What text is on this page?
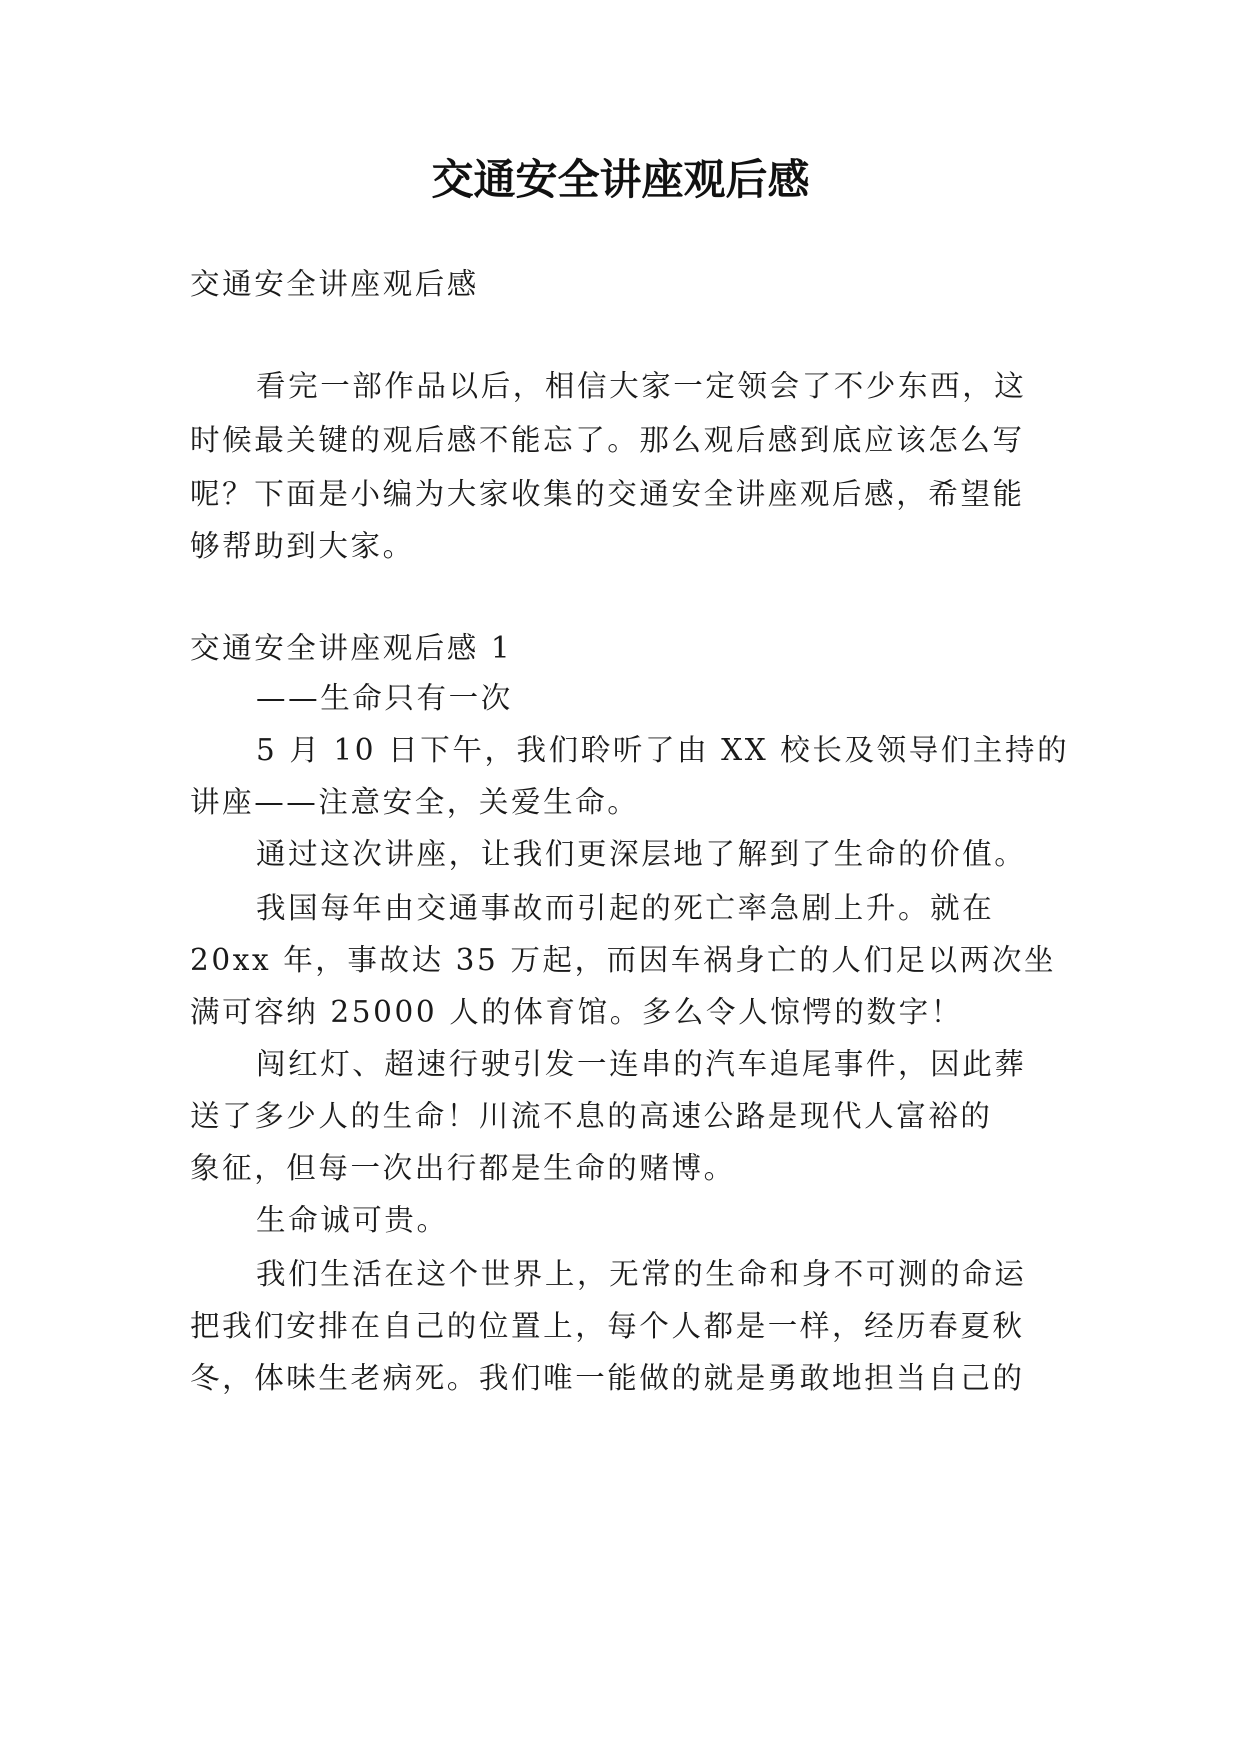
交通安全讲座观后感

交通安全讲座观后感

看完一部作品以后，相信大家一定领会了不少东西，这

时候最关键的观后感不能忘了。那么观后感到底应该怎么写

呢？下面是小编为大家收集的交通安全讲座观后感，希望能

够帮助到大家。

交通安全讲座观后感 1

——生命只有一次

5 月 10 日下午，我们聆听了由 XX 校长及领导们主持的

讲座——注意安全，关爱生命。

通过这次讲座，让我们更深层地了解到了生命的价值。

我国每年由交通事故而引起的死亡率急剧上升。就在

20xx 年，事故达 35 万起，而因车祸身亡的人们足以两次坐

满可容纳 25000 人的体育馆。多么令人惊愕的数字！

闯红灯、超速行驶引发一连串的汽车追尾事件，因此葬

送了多少人的生命！川流不息的高速公路是现代人富裕的

象征，但每一次出行都是生命的赌博。

生命诚可贵。

我们生活在这个世界上，无常的生命和身不可测的命运

把我们安排在自己的位置上，每个人都是一样，经历春夏秋

冬，体味生老病死。我们唯一能做的就是勇敢地担当自己的
